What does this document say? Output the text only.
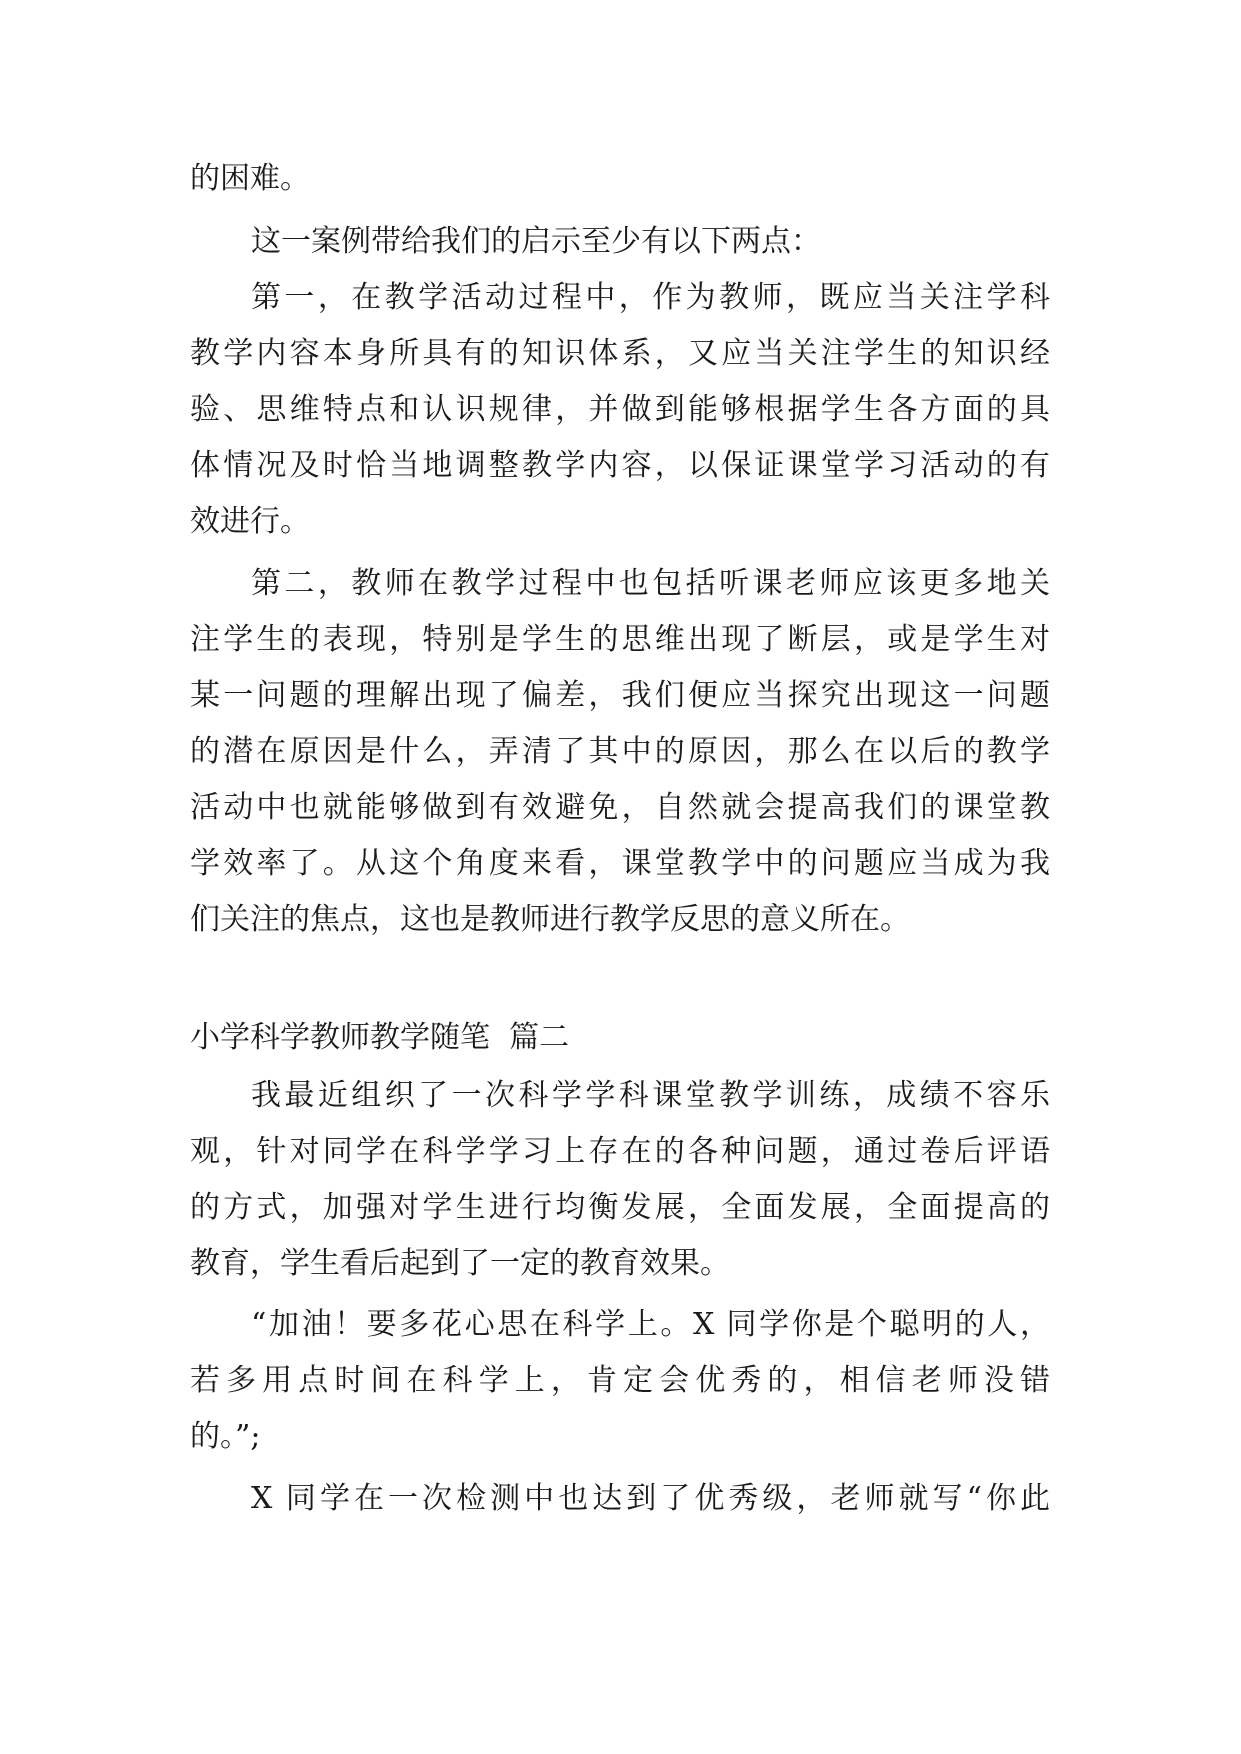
的困难。
这一案例带给我们的启示至少有以下两点：
第一，在教学活动过程中，作为教师，既应当关注学科
教学内容本身所具有的知识体系，又应当关注学生的知识经
验、思维特点和认识规律，并做到能够根据学生各方面的具
体情况及时恰当地调整教学内容，以保证课堂学习活动的有
效进行。
第二，教师在教学过程中也包括听课老师应该更多地关
注学生的表现，特别是学生的思维出现了断层，或是学生对
某一问题的理解出现了偏差，我们便应当探究出现这一问题
的潜在原因是什么，弄清了其中的原因，那么在以后的教学
活动中也就能够做到有效避免，自然就会提高我们的课堂教
学效率了。从这个角度来看，课堂教学中的问题应当成为我
们关注的焦点，这也是教师进行教学反思的意义所在。
小学科学教师教学随笔  篇二
我最近组织了一次科学学科课堂教学训练，成绩不容乐
观，针对同学在科学学习上存在的各种问题，通过卷后评语
的方式，加强对学生进行均衡发展，全面发展，全面提高的
教育，学生看后起到了一定的教育效果。
“加油！要多花心思在科学上。X 同学你是个聪明的人，
若多用点时间在科学上，肯定会优秀的，相信老师没错
的。”;
X 同学在一次检测中也达到了优秀级，老师就写“你此
